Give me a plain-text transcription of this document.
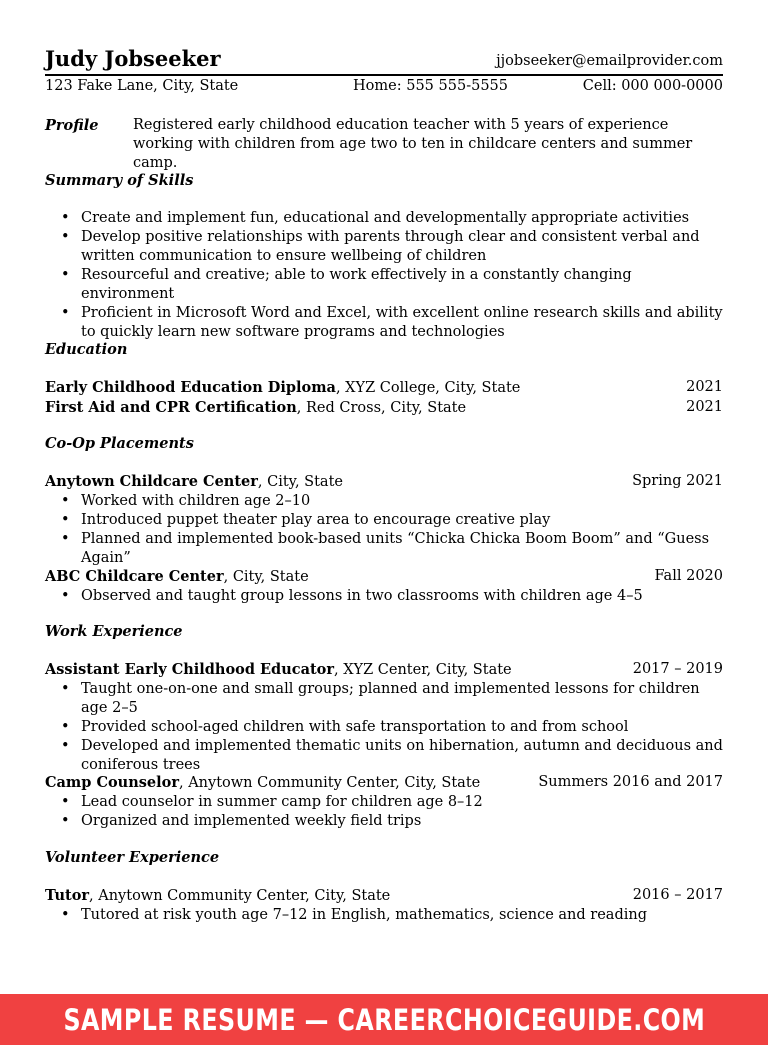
Judy Jobseeker	jjobseeker@emailprovider.com
123 Fake Lane, City, State	Home: 555 555-5555	Cell: 000 000-0000
Profile Registered early childhood education teacher with 5 years of experience working with children from age two to ten in childcare centers and summer camp.
Summary of Skills
• Create and implement fun, educational and developmentally appropriate activities
• Develop positive relationships with parents through clear and consistent verbal and written communication to ensure wellbeing of children
• Resourceful and creative; able to work effectively in a constantly changing environment
• Proficient in Microsoft Word and Excel, with excellent online research skills and ability to quickly learn new software programs and technologies
Education
Early Childhood Education Diploma, XYZ College, City, State	2021
First Aid and CPR Certification, Red Cross, City, State	2021
Co-Op Placements
Anytown Childcare Center, City, State	Spring 2021
• Worked with children age 2–10
• Introduced puppet theater play area to encourage creative play
• Planned and implemented book-based units “Chicka Chicka Boom Boom” and “Guess Again”
ABC Childcare Center, City, State	Fall 2020
• Observed and taught group lessons in two classrooms with children age 4–5
Work Experience
Assistant Early Childhood Educator, XYZ Center, City, State	2017 – 2019
• Taught one-on-one and small groups; planned and implemented lessons for children age 2–5
• Provided school-aged children with safe transportation to and from school
• Developed and implemented thematic units on hibernation, autumn and deciduous and coniferous trees
Camp Counselor, Anytown Community Center, City, State	Summers 2016 and 2017
• Lead counselor in summer camp for children age 8–12
• Organized and implemented weekly field trips
Volunteer Experience
Tutor, Anytown Community Center, City, State	2016 – 2017
• Tutored at risk youth age 7–12 in English, mathematics, science and reading
SAMPLE RESUME — CAREERCHOICEGUIDE.COM
